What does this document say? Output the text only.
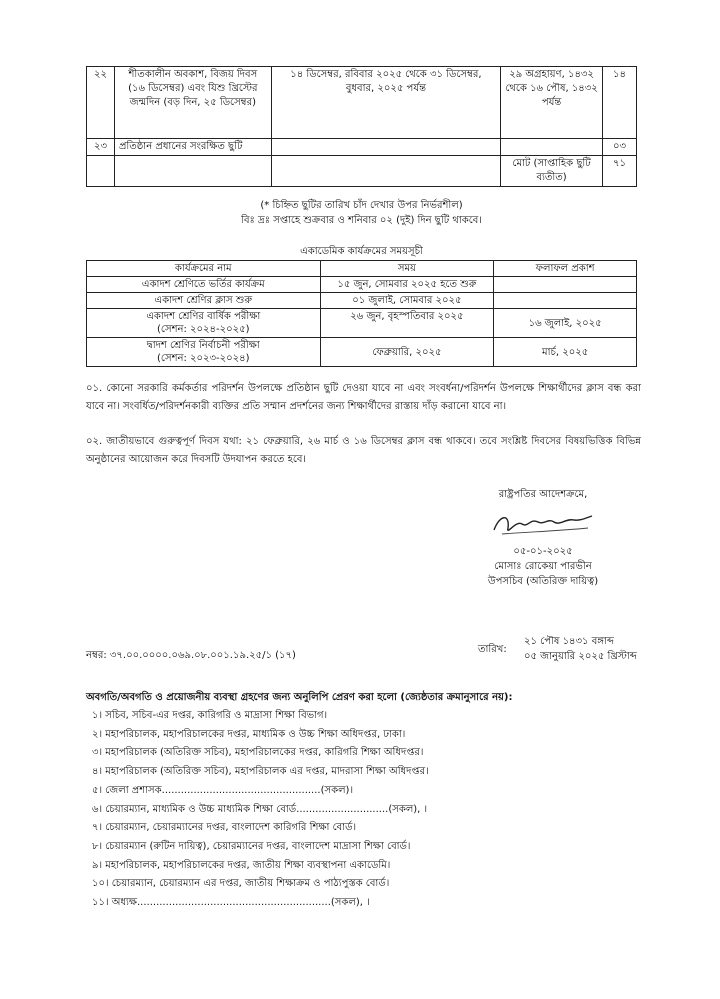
২২	শীতকালীন অবকাশ, বিজয় দিবস (১৬ ডিসেম্বর) এবং যিশু খ্রিস্টের জন্মদিন (বড় দিন, ২৫ ডিসেম্বর)	১৪ ডিসেম্বর, রবিবার ২০২৫ থেকে ৩১ ডিসেম্বর, বুধবার, ২০২৫ পর্যন্ত	২৯ অগ্রহায়ণ, ১৪৩২ থেকে ১৬ পৌষ, ১৪৩২ পর্যন্ত	১৪
২৩	প্রতিষ্ঠান প্রধানের সংরক্ষিত ছুটি			০৩
			মোট (সাপ্তাহিক ছুটি ব্যতীত)	৭১
(* চিহ্নিত ছুটির তারিখ চাঁদ দেখার উপর নির্ভরশীল)
বিঃ দ্রঃ সপ্তাহে শুক্রবার ও শনিবার ০২ (দুই) দিন ছুটি থাকবে।
একাডেমিক কার্যক্রমের সময়সূচী
কার্যক্রমের নাম	সময়	ফলাফল প্রকাশ
একাদশ শ্রেণিতে ভর্তির কার্যক্রম	১৫ জুন, সোমবার ২০২৫ হতে শুরু	
একাদশ শ্রেণির ক্লাস শুরু	০১ জুলাই, সোমবার ২০২৫	

একাদশ শ্রেণির বার্ষিক পরীক্ষা
(সেশন: ২০২৪-২০২৫)	২৬ জুন, বৃহস্পতিবার ২০২৫	১৬ জুলাই, ২০২৫

দ্বাদশ শ্রেণির নির্বাচনী পরীক্ষা
(সেশন: ২০২৩-২০২৪)	ফেব্রুয়ারি, ২০২৫	মার্চ, ২০২৫
০১. কোনো সরকারি কর্মকর্তার পরিদর্শন উপলক্ষে প্রতিষ্ঠান ছুটি দেওয়া যাবে না এবং সংবর্ধনা/পরিদর্শন উপলক্ষে শিক্ষার্থীদের ক্লাস বন্ধ করা যাবে না। সংবর্ধিত/পরিদর্শনকারী ব্যক্তির প্রতি সম্মান প্রদর্শনের জন্য শিক্ষার্থীদের রাস্তায় দাঁড় করানো যাবে না।
০২. জাতীয়ভাবে গুরুত্বপূর্ণ দিবস যথা: ২১ ফেব্রুয়ারি, ২৬ মার্চ ও ১৬ ডিসেম্বর ক্লাস বন্ধ থাকবে। তবে সংশ্লিষ্ট দিবসের বিষয়ভিত্তিক বিভিন্ন অনুষ্ঠানের আয়োজন করে দিবসটি উদযাপন করতে হবে।
রাষ্ট্রপতির আদেশক্রমে,
০৫-০১-২০২৫
মোসাঃ রোকেয়া পারভীন
উপসচিব (অতিরিক্ত দায়িত্ব)
নম্বর: ৩৭.০০.০০০০.০৬৯.০৮.০০১.১৯.২৫/১ (১৭)
তারিখ:
২১ পৌষ ১৪৩১ বঙ্গাব্দ
০৫ জানুয়ারি ২০২৫ খ্রিস্টাব্দ
অবগতি/অবগতি ও প্রয়োজনীয় ব্যবস্থা গ্রহণের জন্য অনুলিপি প্রেরণ করা হলো (জ্যেষ্ঠতার ক্রমানুসারে নয়):
১। সচিব, সচিব-এর দপ্তর, কারিগরি ও মাদ্রাসা শিক্ষা বিভাগ।
২। মহাপরিচালক, মহাপরিচালকের দপ্তর, মাধ্যমিক ও উচ্চ শিক্ষা অধিদপ্তর, ঢাকা।
৩। মহাপরিচালক (অতিরিক্ত সচিব), মহাপরিচালকের দপ্তর, কারিগরি শিক্ষা অধিদপ্তর।
৪। মহাপরিচালক (অতিরিক্ত সচিব), মহাপরিচালক এর দপ্তর, মাদরাসা শিক্ষা অধিদপ্তর।
৫। জেলা প্রশাসক..................................................(সকল)।
৬। চেয়ারম্যান, মাধ্যমিক ও উচ্চ মাধ্যমিক শিক্ষা বোর্ড.............................(সকল), ।
৭। চেয়ারম্যান, চেয়ারম্যানের দপ্তর, বাংলাদেশ কারিগরি শিক্ষা বোর্ড।
৮। চেয়ারম্যান (রুটিন দায়িত্ব), চেয়ারম্যানের দপ্তর, বাংলাদেশ মাদ্রাসা শিক্ষা বোর্ড।
৯। মহাপরিচালক, মহাপরিচালকের দপ্তর, জাতীয় শিক্ষা ব্যবস্থাপনা একাডেমি।
১০। চেয়ারম্যান, চেয়ারম্যান এর দপ্তর, জাতীয় শিক্ষাক্রম ও পাঠ্যপুস্তক বোর্ড।
১১। অধ্যক্ষ.............................................................(সকল), ।
